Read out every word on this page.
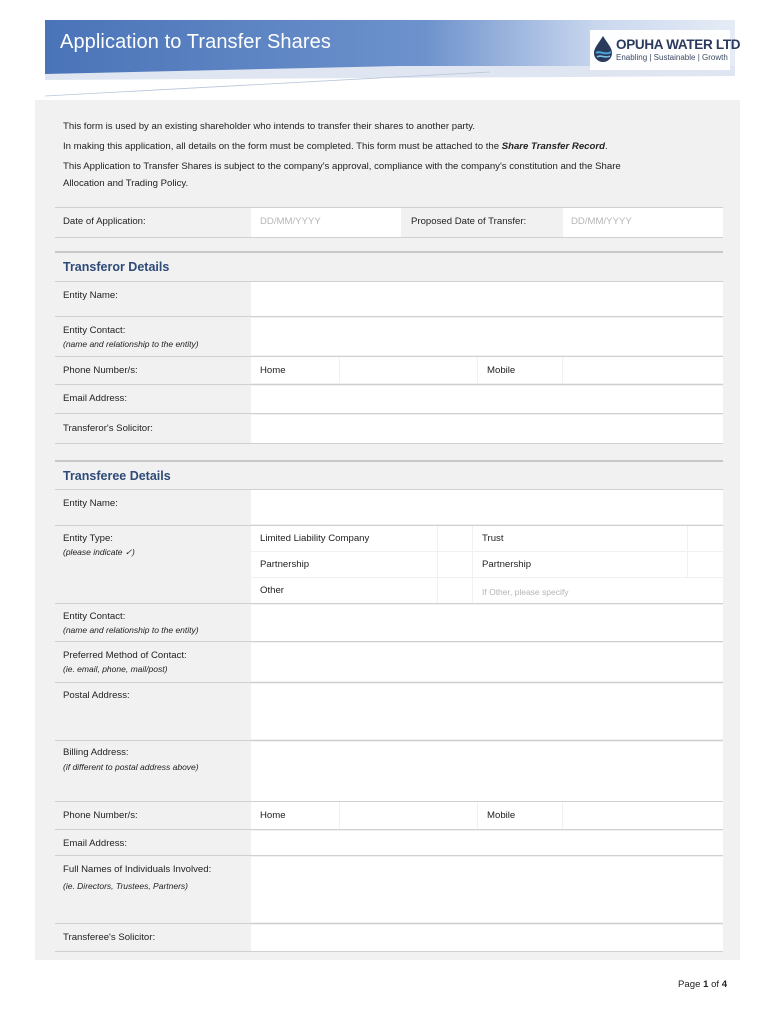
Application to Transfer Shares	OPUHA WATER LTD
Enabling | Sustainable | Growth

This form is used by an existing shareholder who intends to transfer their shares to another party.

In making this application, all details on the form must be completed. This form must be attached to the Share Transfer Record.

This Application to Transfer Shares is subject to the company's approval, compliance with the company's constitution and the Share

Allocation and Trading Policy.

Date of Application:	DD/MM/YYYY	Proposed Date of Transfer:	DD/MM/YYYY
Transferor Details
Entity Name:
Entity Contact:
(name and relationship to the entity)
Phone Number/s:	Home	Mobile
Email Address:
Transferor's Solicitor:
Transferee Details
Entity Name:
Entity Type:
(please indicate ✓)
Limited Liability Company	Trust
Partnership	Partnership
Other	If Other, please specify
Entity Contact:
(name and relationship to the entity)
Preferred Method of Contact:
(ie. email, phone, mail/post)
Postal Address:
Billing Address:
(if different to postal address above)
Phone Number/s:	Home	Mobile
Email Address:
Full Names of Individuals Involved:
(ie. Directors, Trustees, Partners)
Transferee's Solicitor:
Page 1 of 4
